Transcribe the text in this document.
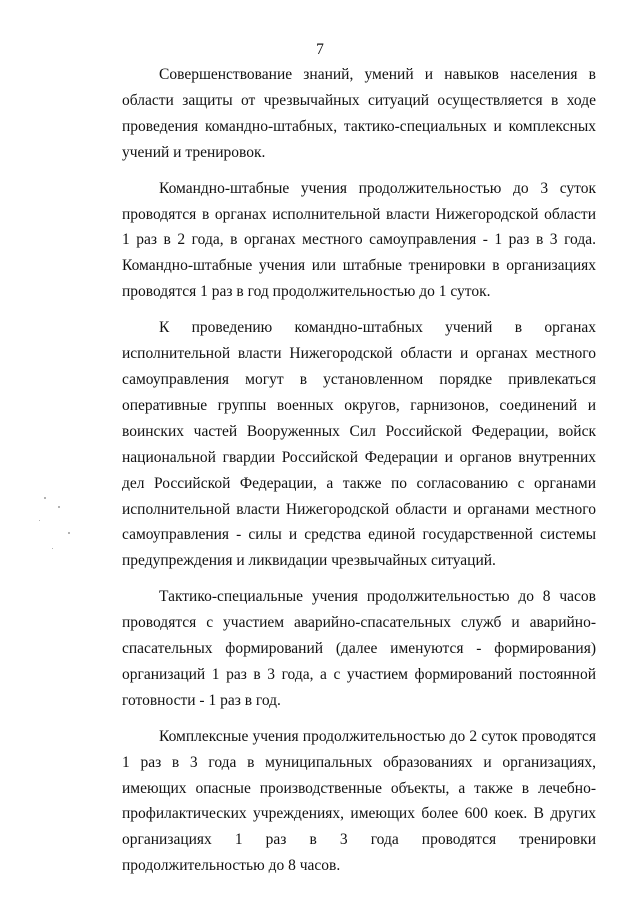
7

Совершенствование знаний, умений и навыков населения в области защиты от чрезвычайных ситуаций осуществляется в ходе проведения командно-штабных, тактико-специальных и комплексных учений и тренировок.

Командно-штабные учения продолжительностью до 3 суток проводятся в органах исполнительной власти Нижегородской области 1 раз в 2 года, в органах местного самоуправления - 1 раз в 3 года. Командно-штабные учения или штабные тренировки в организациях проводятся 1 раз в год продолжительностью до 1 суток.

К проведению командно-штабных учений в органах исполнительной власти Нижегородской области и органах местного самоуправления могут в установленном порядке привлекаться оперативные группы военных округов, гарнизонов, соединений и воинских частей Вооруженных Сил Российской Федерации, войск национальной гвардии Российской Федерации и органов внутренних дел Российской Федерации, а также по согласованию с органами исполнительной власти Нижегородской области и органами местного самоуправления - силы и средства единой государственной системы предупреждения и ликвидации чрезвычайных ситуаций.

Тактико-специальные учения продолжительностью до 8 часов проводятся с участием аварийно-спасательных служб и аварийно-спасательных формирований (далее именуются - формирования) организаций 1 раз в 3 года, а с участием формирований постоянной готовности - 1 раз в год.

Комплексные учения продолжительностью до 2 суток проводятся 1 раз в 3 года в муниципальных образованиях и организациях, имеющих опасные производственные объекты, а также в лечебно-профилактических учреждениях, имеющих более 600 коек. В других организациях 1 раз в 3 года проводятся тренировки продолжительностью до 8 часов.
